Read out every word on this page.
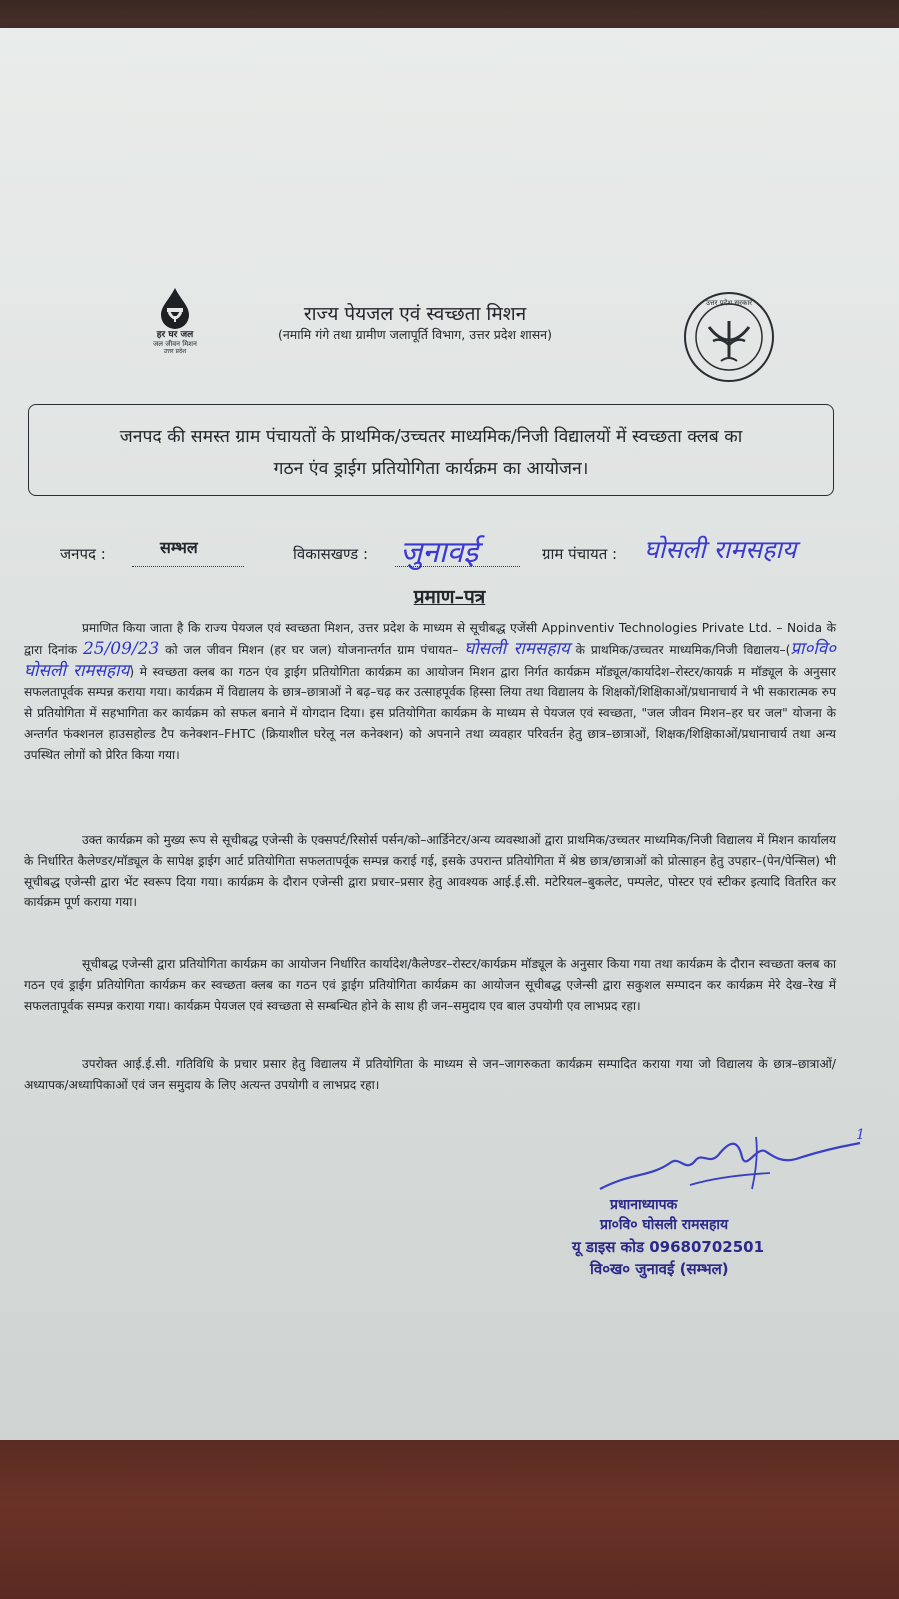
हर घर जल
जल जीवन मिशन
उत्तर प्रदेश
राज्य पेयजल एवं स्वच्छता मिशन
(नमामि गंगे तथा ग्रामीण जलापूर्ति विभाग, उत्तर प्रदेश शासन)
उत्तर प्रदेश सरकार
जनपद की समस्त ग्राम पंचायतों के प्राथमिक/उच्चतर माध्यमिक/निजी विद्यालयों में स्वच्छता क्लब का
गठन एंव ड्राईग प्रतियोगिता कार्यक्रम का आयोजन।
जनपद :	सम्भल	विकासखण्ड : जुनावई	ग्राम पंचायत : घोसली रामसहाय
प्रमाण–पत्र

प्रमाणित किया जाता है कि राज्य पेयजल एवं स्वच्छता मिशन, उत्तर प्रदेश के माध्यम से सूचीबद्ध एजेंसी Appinventiv Technologies Private Ltd. – Noida के द्वारा दिनांक 25/09/23 को जल जीवन मिशन (हर घर जल) योजनान्तर्गत ग्राम पंचायत– घोसली रामसहाय के प्राथमिक/उच्चतर माध्यमिक/निजी विद्यालय–(प्रा०वि० घोसली रामसहाय) मे स्वच्छता क्लब का गठन एंव ड्राईग प्रतियोगिता कार्यक्रम का आयोजन मिशन द्वारा निर्गत कार्यक्रम मॉड्यूल/कार्यादेश–रोस्टर/कायर्क्र म मॉड्यूल के अनुसार सफलतापूर्वक सम्पन्न कराया गया। कार्यक्रम में विद्यालय के छात्र–छात्राओं ने बढ़–चढ़ कर उत्साहपूर्वक हिस्सा लिया तथा विद्यालय के शिक्षकों/शिक्षिकाओं/प्रधानाचार्य ने भी सकारात्मक रुप से प्रतियोगिता में सहभागिता कर कार्यक्रम को सफल बनाने में योगदान दिया। इस प्रतियोगिता कार्यक्रम के माध्यम से पेयजल एवं स्वच्छता, "जल जीवन मिशन–हर घर जल" योजना के अन्तर्गत फंक्शनल हाउसहोल्ड टैप कनेक्शन–FHTC (क्रियाशील घरेलू नल कनेक्शन) को अपनाने तथा व्यवहार परिवर्तन हेतु छात्र–छात्राओं, शिक्षक/शिक्षिकाओं/प्रधानाचार्य तथा अन्य उपस्थित लोगों को प्रेरित किया गया।

उक्त कार्यक्रम को मुख्य रूप से सूचीबद्ध एजेन्सी के एक्सपर्ट/रिसोर्स पर्सन/को–आर्डिनेटर/अन्य व्यवस्थाओं द्वारा प्राथमिक/उच्चतर माध्यमिक/निजी विद्यालय में मिशन कार्यालय के निर्धारित कैलेण्डर/मॉड्यूल के सापेक्ष ड्राईग आर्ट प्रतियोगिता सफलतापर्वूक सम्पन्न कराई गई, इसके उपरान्त प्रतियोगिता में श्रेष्ठ छात्र/छात्राओं को प्रोत्साहन हेतु उपहार–(पेन/पेन्सिल) भी सूचीबद्ध एजेन्सी द्वारा भेंट स्वरूप दिया गया। कार्यक्रम के दौरान एजेन्सी द्वारा प्रचार–प्रसार हेतु आवश्यक आई.ई.सी. मटेरियल–बुकलेट, पम्पलेट, पोस्टर एवं स्टीकर इत्यादि वितरित कर कार्यक्रम पूर्ण कराया गया।

सूचीबद्ध एजेन्सी द्वारा प्रतियोगिता कार्यक्रम का आयोजन निर्धारित कार्यादेश/कैलेण्डर–रोस्टर/कार्यक्रम मॉड्यूल के अनुसार किया गया तथा कार्यक्रम के दौरान स्वच्छता क्लब का गठन एवं ड्राईग प्रतियोगिता कार्यक्रम कर स्वच्छता क्लब का गठन एवं ड्राईग प्रतियोगिता कार्यक्रम का आयोजन सूचीबद्ध एजेन्सी द्वारा सकुशल सम्पादन कर कार्यक्रम मेरे देख–रेख में सफलतापूर्वक सम्पन्न कराया गया। कार्यक्रम पेयजल एवं स्वच्छता से सम्बन्धित होने के साथ ही जन–समुदाय एव बाल उपयोगी एव लाभप्रद रहा।

उपरोक्त आई.ई.सी. गतिविधि के प्रचार प्रसार हेतु विद्यालय में प्रतियोगिता के माध्यम से जन–जागरुकता कार्यक्रम सम्पादित कराया गया जो विद्यालय के छात्र–छात्राओं/अध्यापक/अध्यापिकाओं एवं जन समुदाय के लिए अत्यन्त उपयोगी व लाभप्रद रहा।

प्रधानाध्यापक
प्रा०वि० घोसली रामसहाय
यू डाइस कोड 09680702501
वि०ख० जुनावई (सम्भल)
1
